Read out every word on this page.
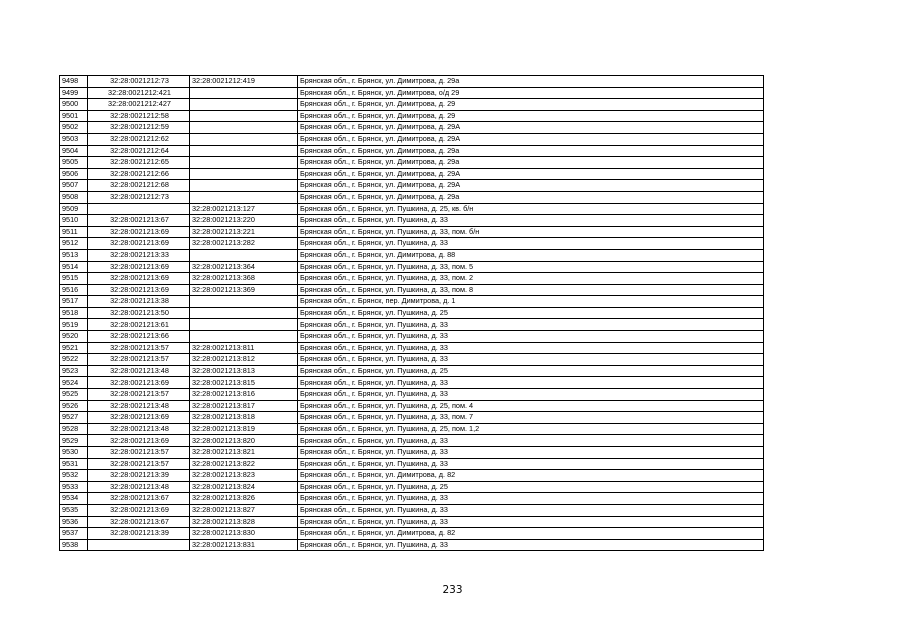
9498	32:28:0021212:73	32:28:0021212:419	Брянская обл., г. Брянск, ул. Димитрова, д. 29а
9499	32:28:0021212:421		Брянская обл., г. Брянск, ул. Димитрова, о/д 29
9500	32:28:0021212:427		Брянская обл., г. Брянск, ул. Димитрова, д. 29
9501	32:28:0021212:58		Брянская обл., г. Брянск, ул. Димитрова, д. 29
9502	32:28:0021212:59		Брянская обл., г. Брянск, ул. Димитрова, д. 29А
9503	32:28:0021212:62		Брянская обл., г. Брянск, ул. Димитрова, д. 29А
9504	32:28:0021212:64		Брянская обл., г. Брянск, ул. Димитрова, д. 29а
9505	32:28:0021212:65		Брянская обл., г. Брянск, ул. Димитрова, д. 29а
9506	32:28:0021212:66		Брянская обл., г. Брянск, ул. Димитрова, д. 29А
9507	32:28:0021212:68		Брянская обл., г. Брянск, ул. Димитрова, д. 29А
9508	32:28:0021212:73		Брянская обл., г. Брянск, ул. Димитрова, д. 29а
9509		32:28:0021213:127	Брянская обл., г. Брянск, ул. Пушкина, д. 25, кв. б/н
9510	32:28:0021213:67	32:28:0021213:220	Брянская обл., г. Брянск, ул. Пушкина, д. 33
9511	32:28:0021213:69	32:28:0021213:221	Брянская обл., г. Брянск, ул. Пушкина, д. 33, пом. б/н
9512	32:28:0021213:69	32:28:0021213:282	Брянская обл., г. Брянск, ул. Пушкина, д. 33
9513	32:28:0021213:33		Брянская обл., г. Брянск, ул. Димитрова, д. 88
9514	32:28:0021213:69	32:28:0021213:364	Брянская обл., г. Брянск, ул. Пушкина, д. 33, пом. 5
9515	32:28:0021213:69	32:28:0021213:368	Брянская обл., г. Брянск, ул. Пушкина, д. 33, пом. 2
9516	32:28:0021213:69	32:28:0021213:369	Брянская обл., г. Брянск, ул. Пушкина, д. 33, пом. 8
9517	32:28:0021213:38		Брянская обл., г. Брянск, пер. Димитрова, д. 1
9518	32:28:0021213:50		Брянская обл., г. Брянск, ул. Пушкина, д. 25
9519	32:28:0021213:61		Брянская обл., г. Брянск, ул. Пушкина, д. 33
9520	32:28:0021213:66		Брянская обл., г. Брянск, ул. Пушкина, д. 33
9521	32:28:0021213:57	32:28:0021213:811	Брянская обл., г. Брянск, ул. Пушкина, д. 33
9522	32:28:0021213:57	32:28:0021213:812	Брянская обл., г. Брянск, ул. Пушкина, д. 33
9523	32:28:0021213:48	32:28:0021213:813	Брянская обл., г. Брянск, ул. Пушкина, д. 25
9524	32:28:0021213:69	32:28:0021213:815	Брянская обл., г. Брянск, ул. Пушкина, д. 33
9525	32:28:0021213:57	32:28:0021213:816	Брянская обл., г. Брянск, ул. Пушкина, д. 33
9526	32:28:0021213:48	32:28:0021213:817	Брянская обл., г. Брянск, ул. Пушкина, д. 25, пом. 4
9527	32:28:0021213:69	32:28:0021213:818	Брянская обл., г. Брянск, ул. Пушкина, д. 33, пом. 7
9528	32:28:0021213:48	32:28:0021213:819	Брянская обл., г. Брянск, ул. Пушкина, д. 25, пом. 1,2
9529	32:28:0021213:69	32:28:0021213:820	Брянская обл., г. Брянск, ул. Пушкина, д. 33
9530	32:28:0021213:57	32:28:0021213:821	Брянская обл., г. Брянск, ул. Пушкина, д. 33
9531	32:28:0021213:57	32:28:0021213:822	Брянская обл., г. Брянск, ул. Пушкина, д. 33
9532	32:28:0021213:39	32:28:0021213:823	Брянская обл., г. Брянск, ул. Димитрова, д. 82
9533	32:28:0021213:48	32:28:0021213:824	Брянская обл., г. Брянск, ул. Пушкина, д. 25
9534	32:28:0021213:67	32:28:0021213:826	Брянская обл., г. Брянск, ул. Пушкина, д. 33
9535	32:28:0021213:69	32:28:0021213:827	Брянская обл., г. Брянск, ул. Пушкина, д. 33
9536	32:28:0021213:67	32:28:0021213:828	Брянская обл., г. Брянск, ул. Пушкина, д. 33
9537	32:28:0021213:39	32:28:0021213:830	Брянская обл., г. Брянск, ул. Димитрова, д. 82
9538		32:28:0021213:831	Брянская обл., г. Брянск, ул. Пушкина, д. 33
233
